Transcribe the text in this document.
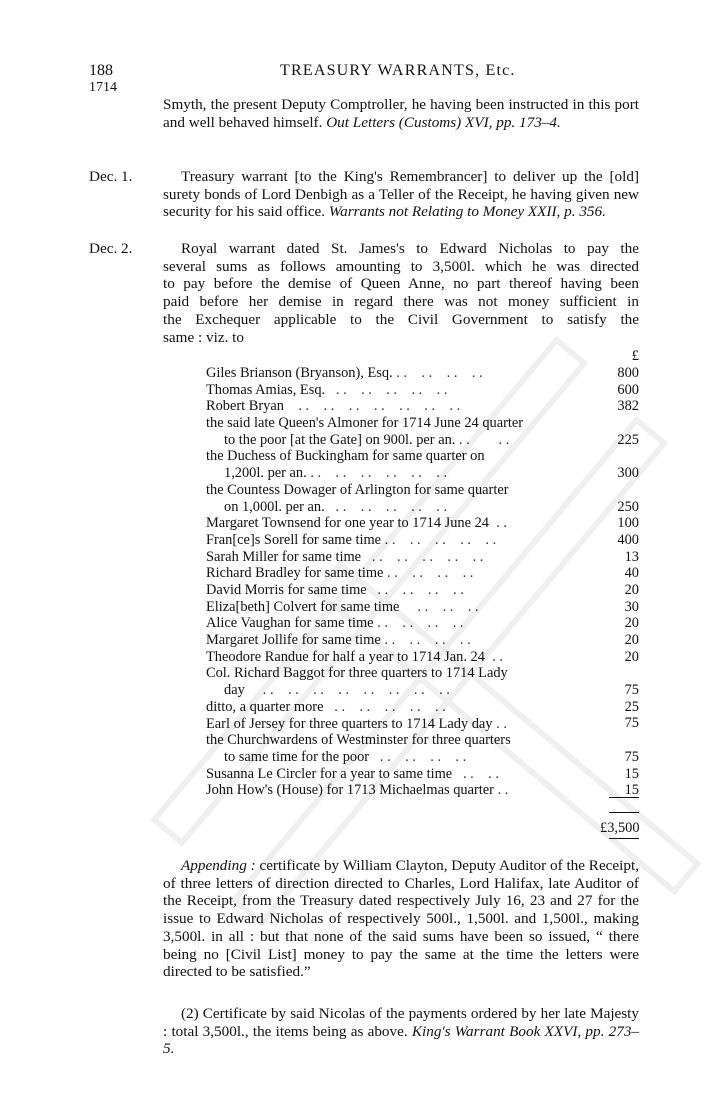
188	TREASURY WARRANTS, Etc.
1714
Smyth, the present Deputy Comptroller, he having been instructed in this port and well behaved himself. Out Letters (Customs) XVI, pp. 173–4.
Dec. 1.	Treasury warrant [to the King's Remembrancer] to deliver up the [old] surety bonds of Lord Denbigh as a Teller of the Receipt, he having given new security for his said office. Warrants not Relating to Money XXII, p. 356.
Dec. 2.	Royal warrant dated St. James's to Edward Nicholas to pay the
several sums as follows amounting to 3,500l. which he was directed
to pay before the demise of Queen Anne, no part thereof having been
paid before her demise in regard there was not money sufficient in
the Exchequer applicable to the Civil Government to satisfy the
same : viz. to
£
Giles Brianson (Bryanson), Esq. . .    . .    . .    . .	800
Thomas Amias, Esq.   . .    . .    . .    . .    . .	600
Robert Bryan    . .    . .    . .    . .    . .    . .    . .	382
the said late Queen's Almoner for 1714 June 24 quarter
to the poor [at the Gate] on 900l. per an. . .        . .	225
the Duchess of Buckingham for same quarter on
1,200l. per an. . .    . .    . .    . .    . .    . .	300
the Countess Dowager of Arlington for same quarter
on 1,000l. per an.   . .    . .    . .    . .    . .	250
Margaret Townsend for one year to 1714 June 24  . .	100
Fran[ce]s Sorell for same time . .    . .    . .    . .    . .	400
Sarah Miller for same time   . .    . .    . .    . .    . .	13
Richard Bradley for same time . .    . .    . .    . .	40
David Morris for same time   . .    . .    . .    . .	20
Eliza[beth] Colvert for same time     . .    . .    . .	30
Alice Vaughan for same time . .    . .    . .    . .	20
Margaret Jollife for same time . .    . .    . .    . .	20
Theodore Randue for half a year to 1714 Jan. 24  . .	20
Col. Richard Baggot for three quarters to 1714 Lady
day     . .    . .    . .    . .    . .    . .    . .    . .	75
ditto, a quarter more   . .    . .    . .    . .    . .	25
Earl of Jersey for three quarters to 1714 Lady day . .	75
the Churchwardens of Westminster for three quarters
to same time for the poor   . .    . .    . .    . .	75
Susanna Le Circler for a year to same time   . .    . .	15
John How's (House) for 1713 Michaelmas quarter . .	15
£3,500
Appending : certificate by William Clayton, Deputy Auditor of the Receipt, of three letters of direction directed to Charles, Lord Halifax, late Auditor of the Receipt, from the Treasury dated respectively July 16, 23 and 27 for the issue to Edward Nicholas of respectively 500l., 1,500l. and 1,500l., making 3,500l. in all : but that none of the said sums have been so issued, “ there being no [Civil List] money to pay the same at the time the letters were directed to be satisfied.”
(2) Certificate by said Nicolas of the payments ordered by her late Majesty : total 3,500l., the items being as above. King's Warrant Book XXVI, pp. 273–5.
